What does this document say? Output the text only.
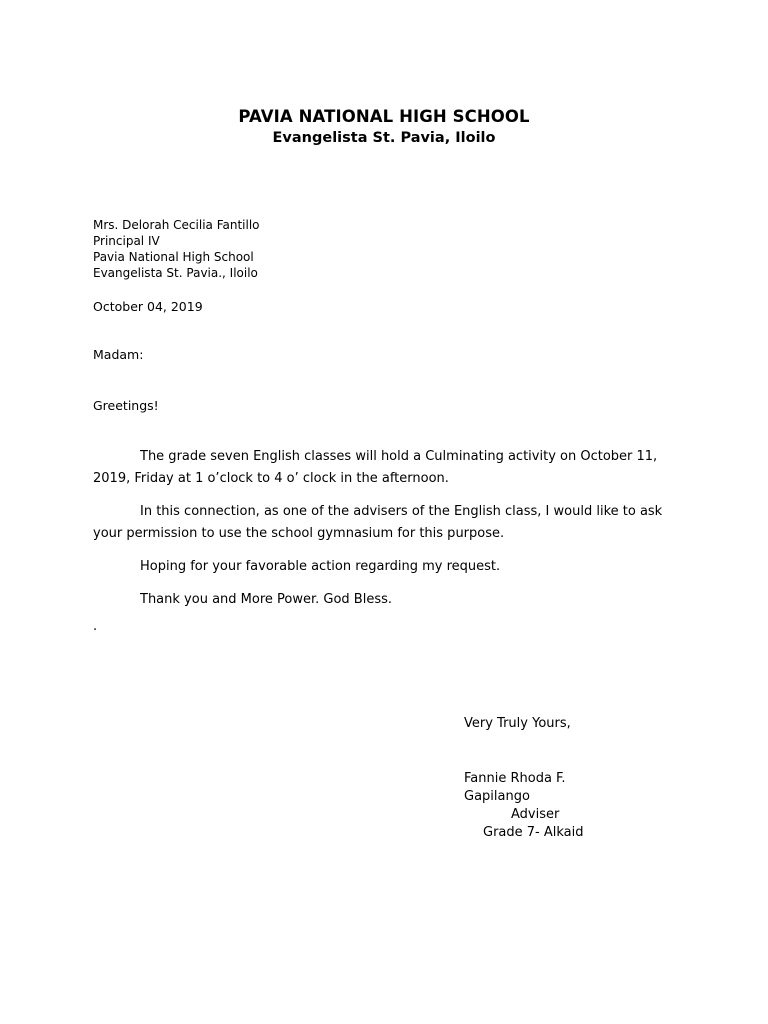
PAVIA NATIONAL HIGH SCHOOL
Evangelista St. Pavia, Iloilo
Mrs. Delorah Cecilia Fantillo
Principal IV
Pavia National High School
Evangelista St. Pavia., Iloilo
October 04, 2019
Madam:
Greetings!

The grade seven English classes will hold a Culminating activity on October 11, 2019, Friday at 1 o’clock to 4 o’ clock in the afternoon.

In this connection, as one of the advisers of the English class, I would like to ask your permission to use the school gymnasium for this purpose.

Hoping for your favorable action regarding my request.

Thank you and More Power. God Bless.

.
Very Truly Yours,
Fannie Rhoda F. Gapilango
Adviser
Grade 7- Alkaid
